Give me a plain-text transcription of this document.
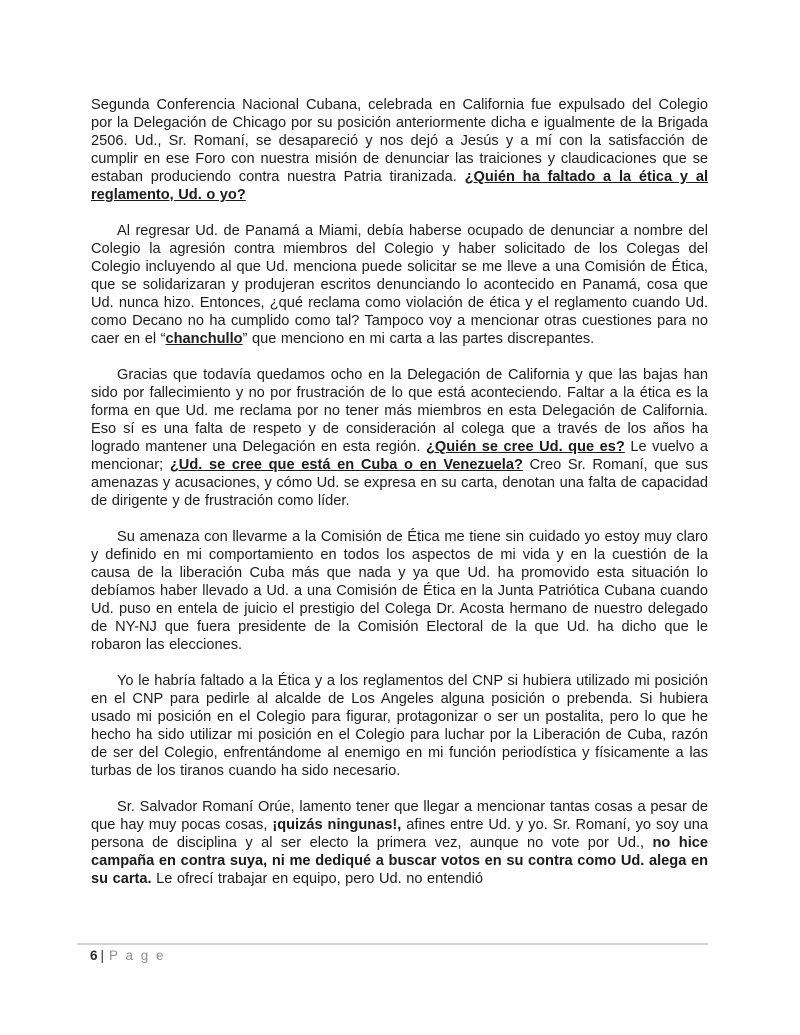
Segunda Conferencia Nacional Cubana, celebrada en California fue expulsado del Colegio por la Delegación de Chicago por su posición anteriormente dicha e igualmente de la Brigada 2506. Ud., Sr. Romaní, se desapareció y nos dejó a Jesús y a mí con la satisfacción de cumplir en ese Foro con nuestra misión de denunciar las traiciones y claudicaciones que se estaban produciendo contra nuestra Patria tiranizada. ¿Quién ha faltado a la ética y al reglamento, Ud. o yo?

Al regresar Ud. de Panamá a Miami, debía haberse ocupado de denunciar a nombre del Colegio la agresión contra miembros del Colegio y haber solicitado de los Colegas del Colegio incluyendo al que Ud. menciona puede solicitar se me lleve a una Comisión de Ética, que se solidarizaran y produjeran escritos denunciando lo acontecido en Panamá, cosa que Ud. nunca hizo. Entonces, ¿qué reclama como violación de ética y el reglamento cuando Ud. como Decano no ha cumplido como tal? Tampoco voy a mencionar otras cuestiones para no caer en el “chanchullo” que menciono en mi carta a las partes discrepantes.

Gracias que todavía quedamos ocho en la Delegación de California y que las bajas han sido por fallecimiento y no por frustración de lo que está aconteciendo. Faltar a la ética es la forma en que Ud. me reclama por no tener más miembros en esta Delegación de California. Eso sí es una falta de respeto y de consideración al colega que a través de los años ha logrado mantener una Delegación en esta región. ¿Quién se cree Ud. que es? Le vuelvo a mencionar; ¿Ud. se cree que está en Cuba o en Venezuela? Creo Sr. Romaní, que sus amenazas y acusaciones, y cómo Ud. se expresa en su carta, denotan una falta de capacidad de dirigente y de frustración como líder.

Su amenaza con llevarme a la Comisión de Ética me tiene sin cuidado yo estoy muy claro y definido en mi comportamiento en todos los aspectos de mi vida y en la cuestión de la causa de la liberación Cuba más que nada y ya que Ud. ha promovido esta situación lo debíamos haber llevado a Ud. a una Comisión de Ética en la Junta Patriótica Cubana cuando Ud. puso en entela de juicio el prestigio del Colega Dr. Acosta hermano de nuestro delegado de NY-NJ que fuera presidente de la Comisión Electoral de la que Ud. ha dicho que le robaron las elecciones.

Yo le habría faltado a la Ética y a los reglamentos del CNP si hubiera utilizado mi posición en el CNP para pedirle al alcalde de Los Angeles alguna posición o prebenda. Si hubiera usado mi posición en el Colegio para figurar, protagonizar o ser un postalita, pero lo que he hecho ha sido utilizar mi posición en el Colegio para luchar por la Liberación de Cuba, razón de ser del Colegio, enfrentándome al enemigo en mi función periodística y físicamente a las turbas de los tiranos cuando ha sido necesario.

Sr. Salvador Romaní Orúe, lamento tener que llegar a mencionar tantas cosas a pesar de que hay muy pocas cosas, ¡quizás ningunas!, afines entre Ud. y yo. Sr. Romaní, yo soy una persona de disciplina y al ser electo la primera vez, aunque no vote por Ud., no hice campaña en contra suya, ni me dediqué a buscar votos en su contra como Ud. alega en su carta. Le ofrecí trabajar en equipo, pero Ud. no entendió

6 | P a g e
